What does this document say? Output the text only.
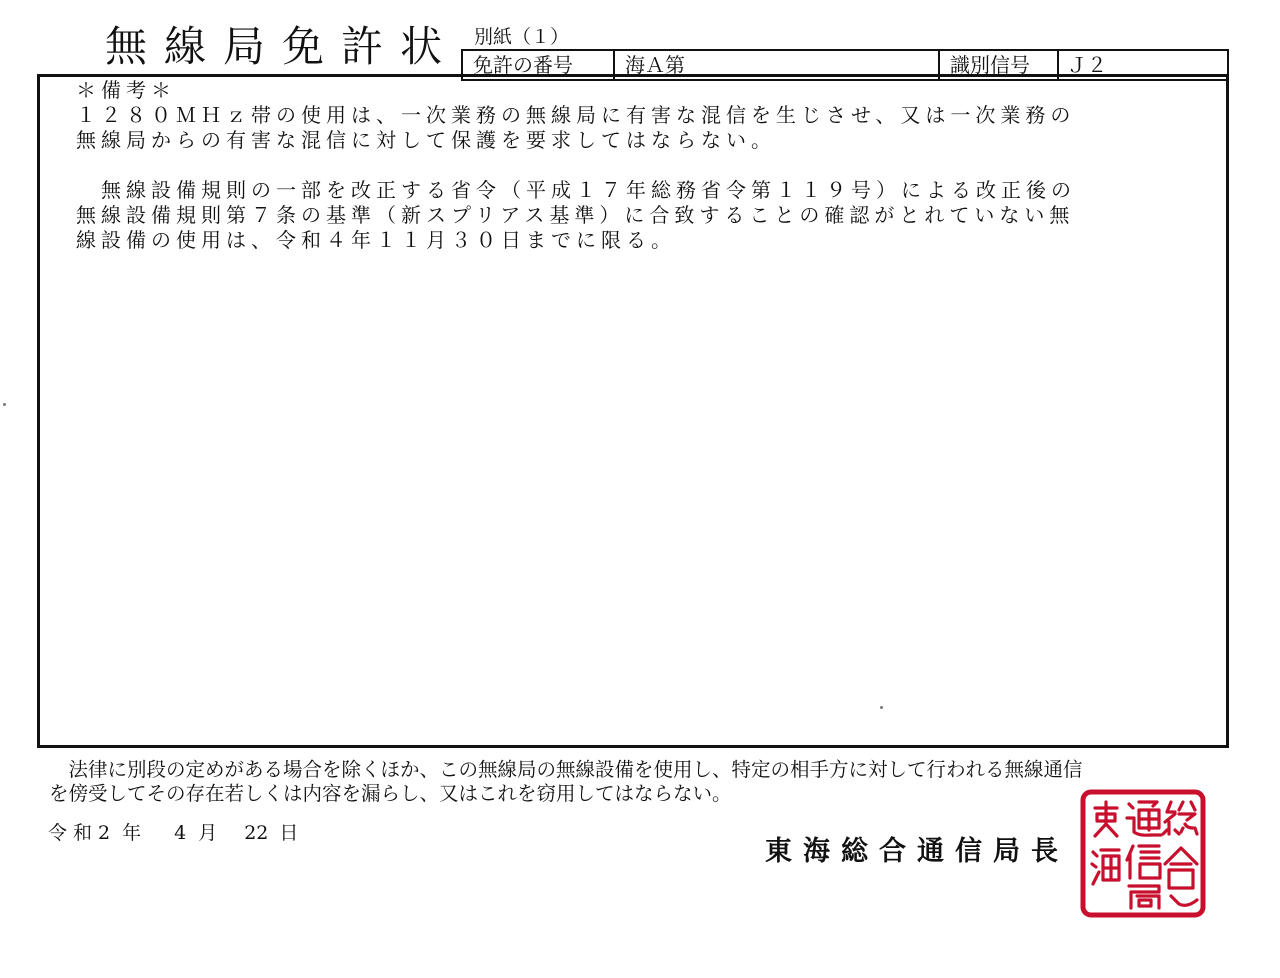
無線局免許状 別紙（１）
免許の番号	海Ａ第	識別信号	Ｊ２
＊備考＊
１２８０ＭＨｚ帯の使用は、一次業務の無線局に有害な混信を生じさせ、又は一次業務の
無線局からの有害な混信に対して保護を要求してはならない。
　無線設備規則の一部を改正する省令（平成１７年総務省令第１１９号）による改正後の
無線設備規則第７条の基準（新スプリアス基準）に合致することの確認がとれていない無
線設備の使用は、令和４年１１月３０日までに限る。
　法律に別段の定めがある場合を除くほか、この無線局の無線設備を使用し、特定の相手方に対して行われる無線通信
を傍受してその存在若しくは内容を漏らし、又はこれを窃用してはならない。
令和 2 年 4 月 22 日
東海総合通信局長
